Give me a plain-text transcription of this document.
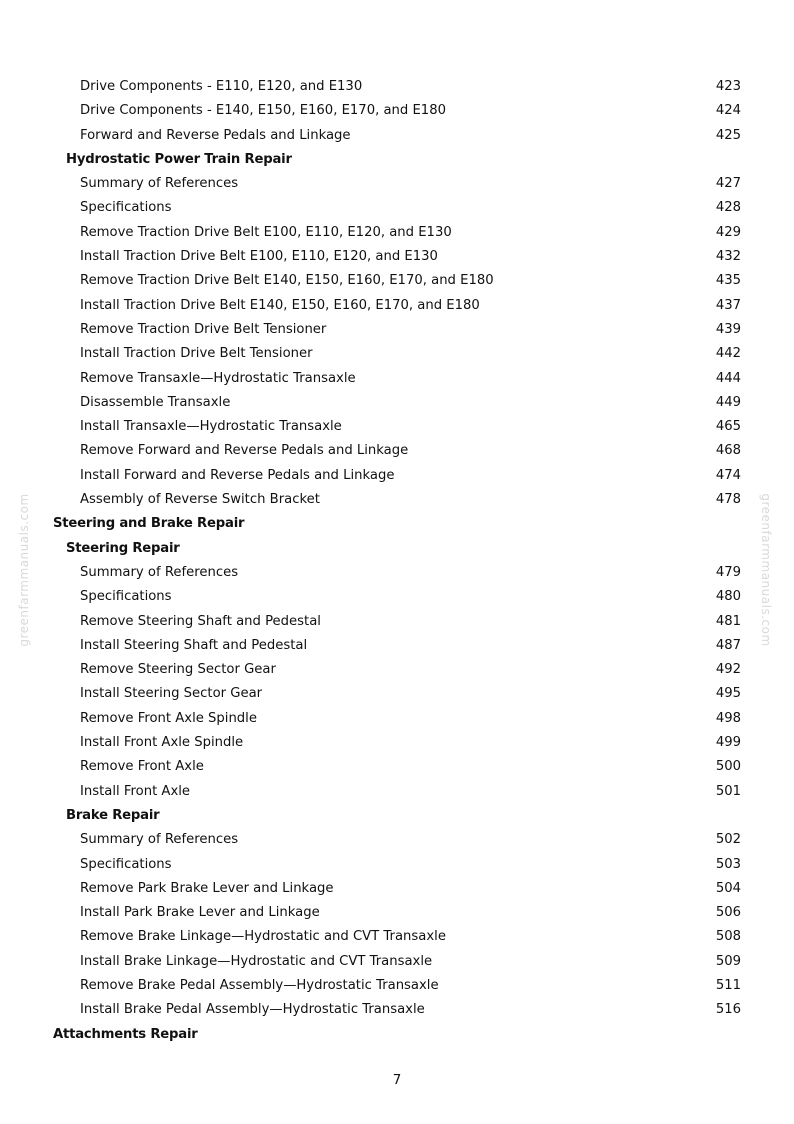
Drive Components - E110, E120, and E130	423
Drive Components - E140, E150, E160, E170, and E180	424
Forward and Reverse Pedals and Linkage	425
Hydrostatic Power Train Repair
Summary of References	427
Specifications	428
Remove Traction Drive Belt E100, E110, E120, and E130	429
Install Traction Drive Belt E100, E110, E120, and E130	432
Remove Traction Drive Belt E140, E150, E160, E170, and E180	435
Install Traction Drive Belt E140, E150, E160, E170, and E180	437
Remove Traction Drive Belt Tensioner	439
Install Traction Drive Belt Tensioner	442
Remove Transaxle—Hydrostatic Transaxle	444
Disassemble Transaxle	449
Install Transaxle—Hydrostatic Transaxle	465
Remove Forward and Reverse Pedals and Linkage	468
Install Forward and Reverse Pedals and Linkage	474
Assembly of Reverse Switch Bracket	478
Steering and Brake Repair
Steering Repair
Summary of References	479
Specifications	480
Remove Steering Shaft and Pedestal	481
Install Steering Shaft and Pedestal	487
Remove Steering Sector Gear	492
Install Steering Sector Gear	495
Remove Front Axle Spindle	498
Install Front Axle Spindle	499
Remove Front Axle	500
Install Front Axle	501
Brake Repair
Summary of References	502
Specifications	503
Remove Park Brake Lever and Linkage	504
Install Park Brake Lever and Linkage	506
Remove Brake Linkage—Hydrostatic and CVT Transaxle	508
Install Brake Linkage—Hydrostatic and CVT Transaxle	509
Remove Brake Pedal Assembly—Hydrostatic Transaxle	511
Install Brake Pedal Assembly—Hydrostatic Transaxle	516
Attachments Repair
greenfarmmanuals.com	greenfarmmanuals.com
7
